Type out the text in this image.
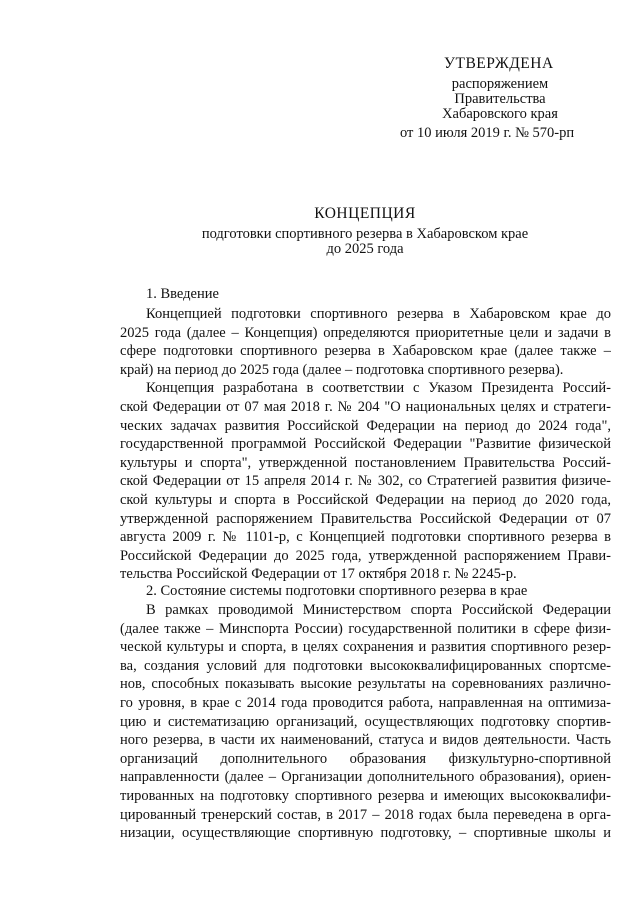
УТВЕРЖДЕНА
распоряжением
Правительства
Хабаровского края
от 10 июля 2019 г. № 570-рп
КОНЦЕПЦИЯ
подготовки спортивного резерва в Хабаровском крае
до 2025 года
1. Введение
Концепцией подготовки спортивного резерва в Хабаровском крае до
2025 года (далее – Концепция) определяются приоритетные цели и задачи в
сфере подготовки спортивного резерва в Хабаровском крае (далее также –
край) на период до 2025 года (далее – подготовка спортивного резерва).
Концепция разработана в соответствии с Указом Президента Россий-
ской Федерации от 07 мая 2018 г. № 204 "О национальных целях и стратеги-
ческих задачах развития Российской Федерации на период до 2024 года",
государственной программой Российской Федерации "Развитие физической
культуры и спорта", утвержденной постановлением Правительства Россий-
ской Федерации от 15 апреля 2014 г. № 302, со Стратегией развития физиче-
ской культуры и спорта в Российской Федерации на период до 2020 года,
утвержденной распоряжением Правительства Российской Федерации от 07
августа 2009 г. № 1101-р, с Концепцией подготовки спортивного резерва в
Российской Федерации до 2025 года, утвержденной распоряжением Прави-
тельства Российской Федерации от 17 октября 2018 г. № 2245-р.
2. Состояние системы подготовки спортивного резерва в крае
В рамках проводимой Министерством спорта Российской Федерации
(далее также – Минспорта России) государственной политики в сфере физи-
ческой культуры и спорта, в целях сохранения и развития спортивного резер-
ва, создания условий для подготовки высококвалифицированных спортсме-
нов, способных показывать высокие результаты на соревнованиях различно-
го уровня, в крае с 2014 года проводится работа, направленная на оптимиза-
цию и систематизацию организаций, осуществляющих подготовку спортив-
ного резерва, в части их наименований, статуса и видов деятельности. Часть
организаций дополнительного образования физкультурно-спортивной
направленности (далее – Организации дополнительного образования), ориен-
тированных на подготовку спортивного резерва и имеющих высококвалифи-
цированный тренерский состав, в 2017 – 2018 годах была переведена в орга-
низации, осуществляющие спортивную подготовку, – спортивные школы и
